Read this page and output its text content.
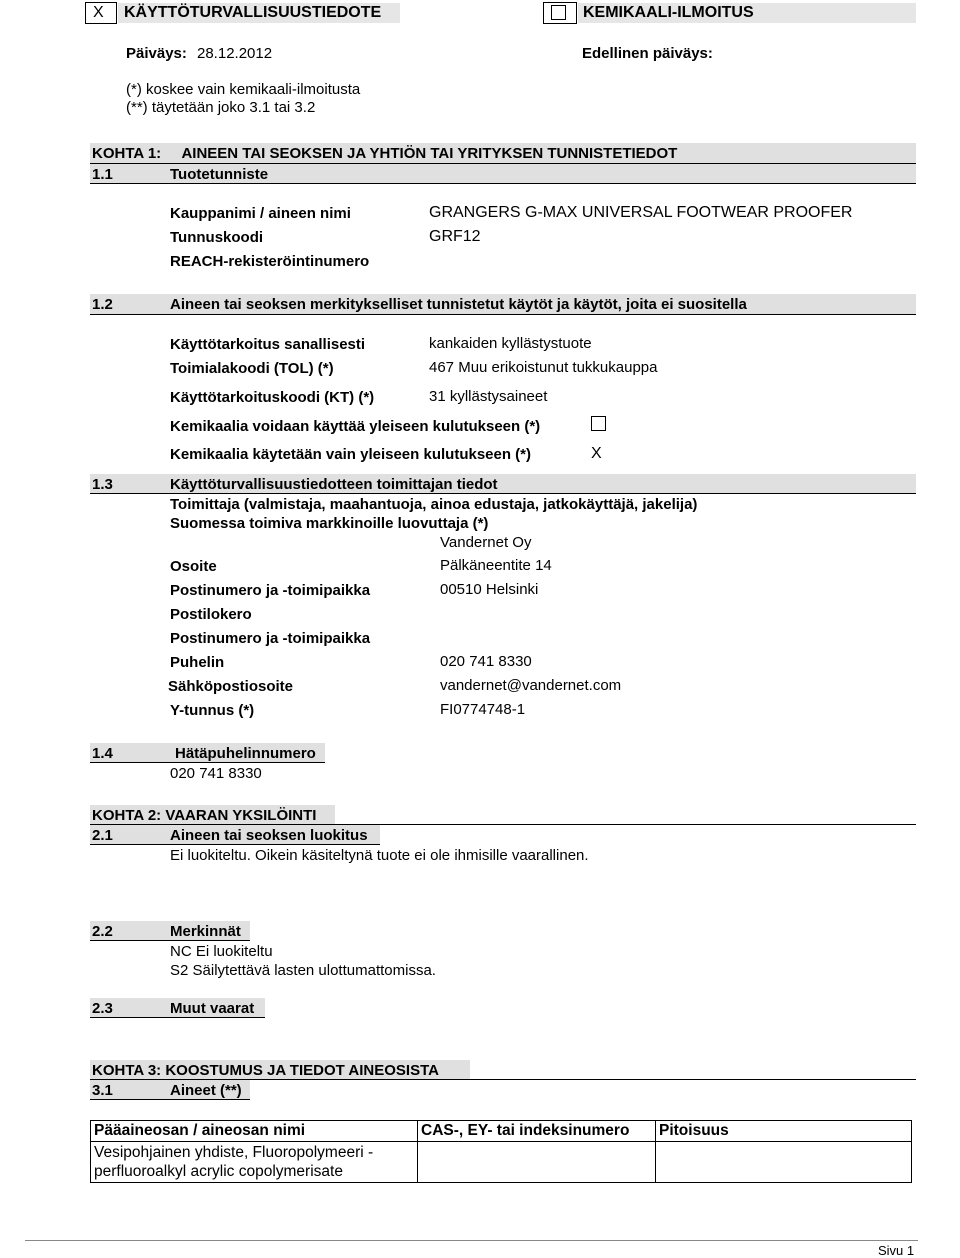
X KÄYTTÖTURVALLISUUSTIEDOTE	KEMIKAALI-ILMOITUS
Päiväys: 28.12.2012	Edellinen päiväys:
(*) koskee vain kemikaali-ilmoitusta
(**) täytetään joko 3.1 tai 3.2
KOHTA 1:     AINEEN TAI SEOKSEN JA YHTIÖN TAI YRITYKSEN TUNNISTETIEDOT
1.1	Tuotetunniste
Kauppanimi / aineen nimi	GRANGERS G-MAX UNIVERSAL FOOTWEAR PROOFER
Tunnuskoodi	GRF12
REACH-rekisteröintinumero
1.2	Aineen tai seoksen merkitykselliset tunnistetut käytöt ja käytöt, joita ei suositella
Käyttötarkoitus sanallisesti	kankaiden kyllästystuote
Toimialakoodi (TOL) (*)	467 Muu erikoistunut tukkukauppa
Käyttötarkoituskoodi (KT) (*)	31 kyllästysaineet
Kemikaalia voidaan käyttää yleiseen kulutukseen (*)
Kemikaalia käytetään vain yleiseen kulutukseen (*)	X
1.3	Käyttöturvallisuustiedotteen toimittajan tiedot
Toimittaja (valmistaja, maahantuoja, ainoa edustaja, jatkokäyttäjä, jakelija)
Suomessa toimiva markkinoille luovuttaja (*)
Vandernet Oy
Osoite	Pälkäneentite 14
Postinumero ja -toimipaikka	00510 Helsinki
Postilokero
Postinumero ja -toimipaikka
Puhelin	020 741 8330
Sähköpostiosoite	vandernet@vandernet.com
Y-tunnus (*)	FI0774748-1
1.4	Hätäpuhelinnumero
020 741 8330
KOHTA 2: VAARAN YKSILÖINTI
2.1	Aineen tai seoksen luokitus
Ei luokiteltu. Oikein käsiteltynä tuote ei ole ihmisille vaarallinen.
2.2	Merkinnät
NC Ei luokiteltu
S2 Säilytettävä lasten ulottumattomissa.
2.3	Muut vaarat
KOHTA 3: KOOSTUMUS JA TIEDOT AINEOSISTA
3.1	Aineet (**)
Pääaineosan / aineosan nimi	CAS-, EY- tai indeksinumero	Pitoisuus
Vesipohjainen yhdiste, Fluoropolymeeri -
perfluoroalkyl acrylic copolymerisate		
Sivu 1
